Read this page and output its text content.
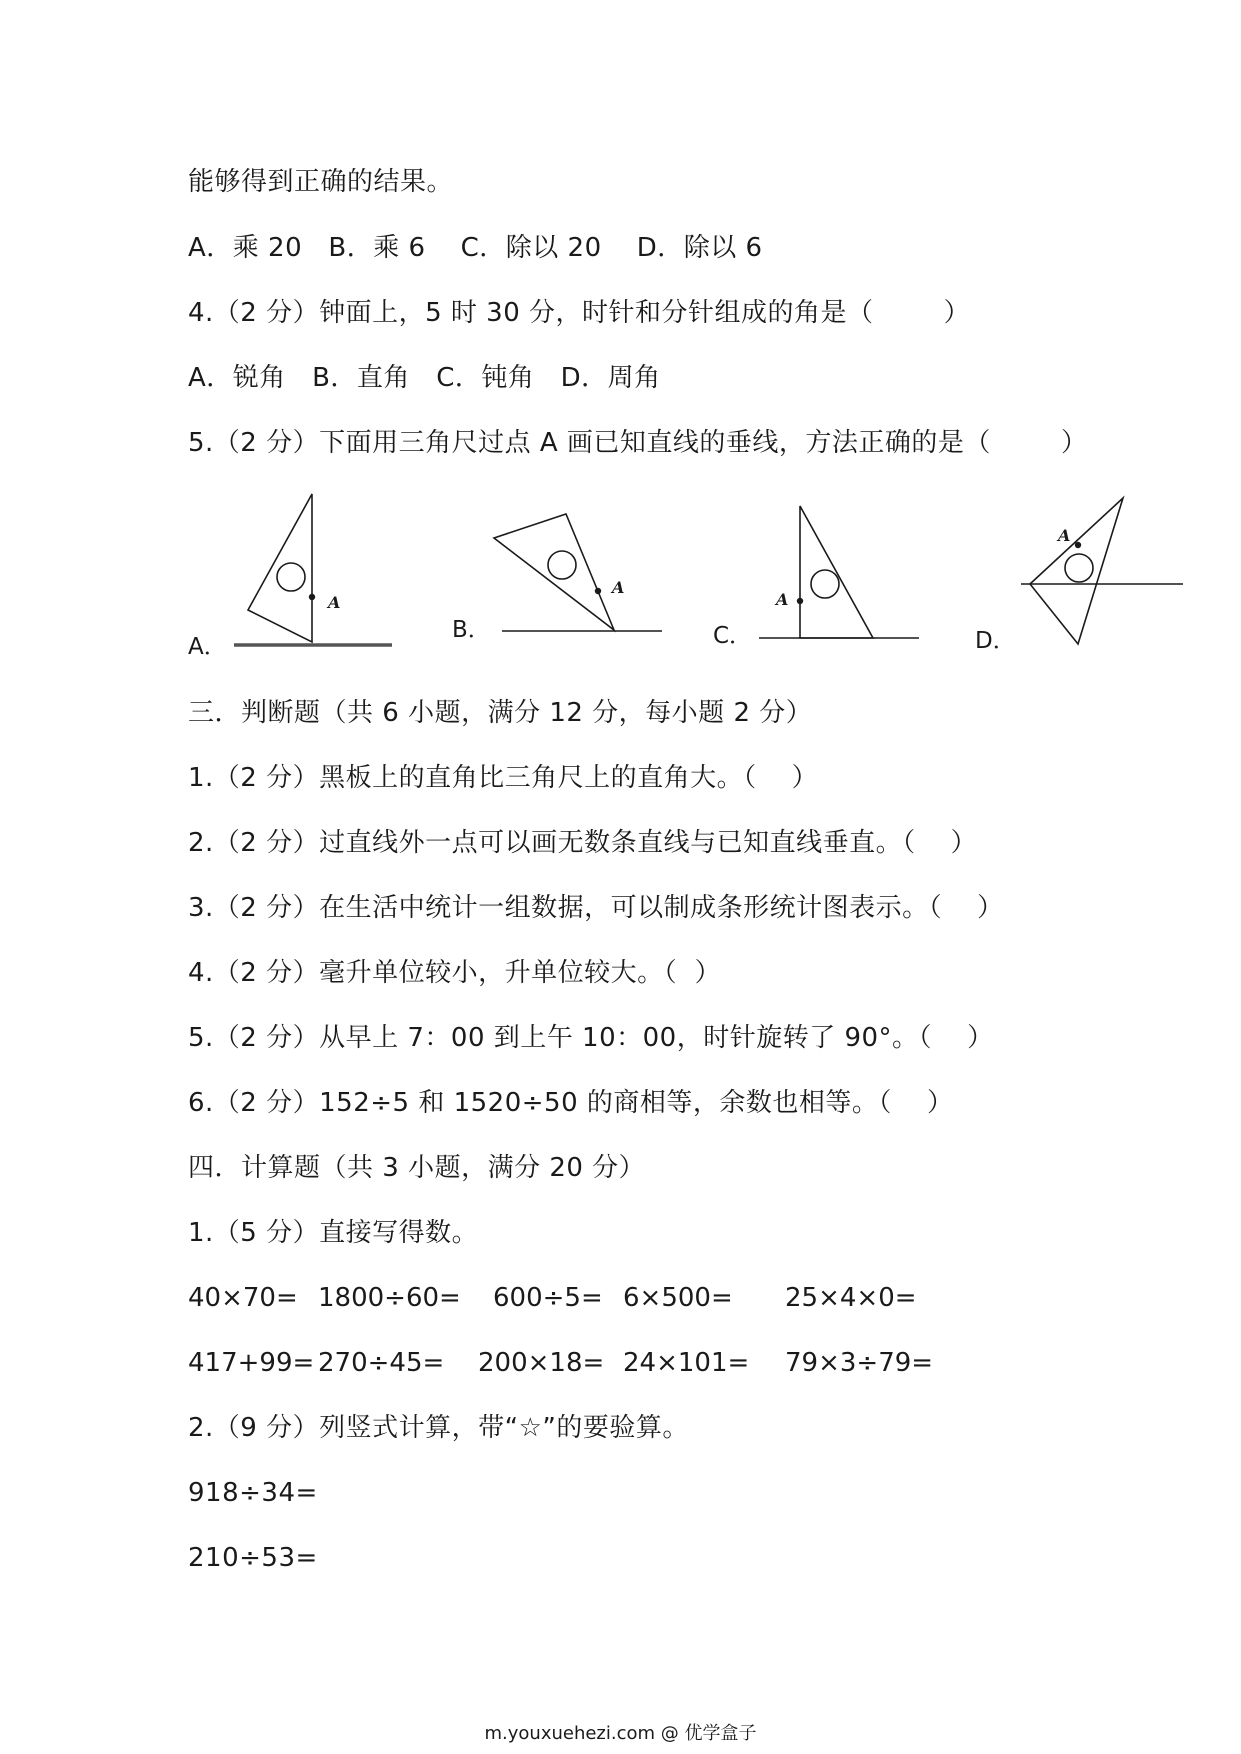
能够得到正确的结果。
A．乘 20   B．乘 6    C．除以 20    D．除以 6
4.（2 分）钟面上，5 时 30 分，时针和分针组成的角是（        ）
A．锐角   B．直角   C．钝角   D．周角
5.（2 分）下面用三角尺过点 A 画已知直线的垂线，方法正确的是（        ）
A．
A
B．
A
C．
A
D．
A
三．判断题（共 6 小题，满分 12 分，每小题 2 分）
1.（2 分）黑板上的直角比三角尺上的直角大。（    ）
2.（2 分）过直线外一点可以画无数条直线与已知直线垂直。（    ）
3.（2 分）在生活中统计一组数据，可以制成条形统计图表示。（    ）
4.（2 分）毫升单位较小，升单位较大。（  ）
5.（2 分）从早上 7：00 到上午 10：00，时针旋转了 90°。（    ）
6.（2 分）152÷5 和 1520÷50 的商相等，余数也相等。（    ）
四．计算题（共 3 小题，满分 20 分）
1.（5 分）直接写得数。
40×70= 1800÷60= 600÷5= 6×500= 25×4×0=
417+99= 270÷45= 200×18= 24×101= 79×3÷79=
2.（9 分）列竖式计算，带“☆”的要验算。
918÷34=
210÷53=
m.youxuehezi.com @ 优学盒子
